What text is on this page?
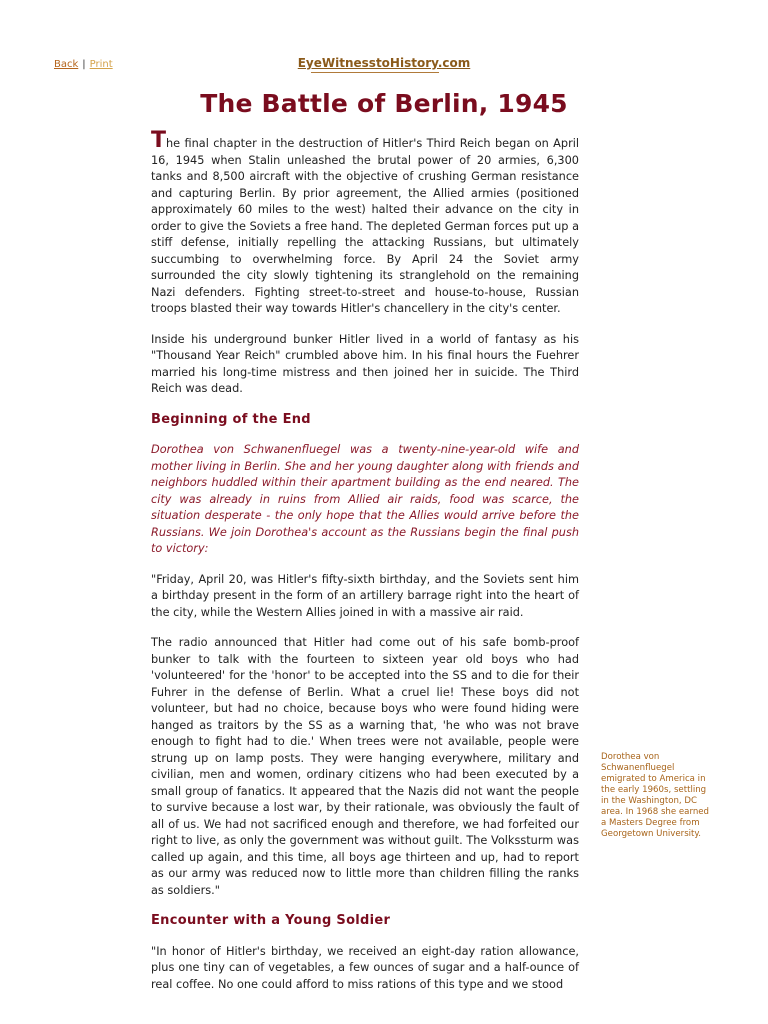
Back | Print	EyeWitnesstoHistory.com
The Battle of Berlin, 1945

The final chapter in the destruction of Hitler's Third Reich began on April 16, 1945 when Stalin unleashed the brutal power of 20 armies, 6,300 tanks and 8,500 aircraft with the objective of crushing German resistance and capturing Berlin. By prior agreement, the Allied armies (positioned approximately 60 miles to the west) halted their advance on the city in order to give the Soviets a free hand. The depleted German forces put up a stiff defense, initially repelling the attacking Russians, but ultimately succumbing to overwhelming force. By April 24 the Soviet army surrounded the city slowly tightening its stranglehold on the remaining Nazi defenders. Fighting street-to-street and house-to-house, Russian troops blasted their way towards Hitler's chancellery in the city's center.

Inside his underground bunker Hitler lived in a world of fantasy as his "Thousand Year Reich" crumbled above him. In his final hours the Fuehrer married his long-time mistress and then joined her in suicide. The Third Reich was dead.

Beginning of the End

Dorothea von Schwanenfluegel was a twenty-nine-year-old wife and mother living in Berlin. She and her young daughter along with friends and neighbors huddled within their apartment building as the end neared. The city was already in ruins from Allied air raids, food was scarce, the situation desperate - the only hope that the Allies would arrive before the Russians. We join Dorothea's account as the Russians begin the final push to victory:

"Friday, April 20, was Hitler's fifty-sixth birthday, and the Soviets sent him a birthday present in the form of an artillery barrage right into the heart of the city, while the Western Allies joined in with a massive air raid.

The radio announced that Hitler had come out of his safe bomb-proof bunker to talk with the fourteen to sixteen year old boys who had 'volunteered' for the 'honor' to be accepted into the SS and to die for their Fuhrer in the defense of Berlin. What a cruel lie! These boys did not volunteer, but had no choice, because boys who were found hiding were hanged as traitors by the SS as a warning that, 'he who was not brave enough to fight had to die.' When trees were not available, people were strung up on lamp posts. They were hanging everywhere, military and civilian, men and women, ordinary citizens who had been executed by a small group of fanatics. It appeared that the Nazis did not want the people to survive because a lost war, by their rationale, was obviously the fault of all of us. We had not sacrificed enough and therefore, we had forfeited our right to live, as only the government was without guilt. The Volkssturm was called up again, and this time, all boys age thirteen and up, had to report as our army was reduced now to little more than children filling the ranks as soldiers."

Encounter with a Young Soldier

"In honor of Hitler's birthday, we received an eight-day ration allowance, plus one tiny can of vegetables, a few ounces of sugar and a half-ounce of real coffee. No one could afford to miss rations of this type and we stood

Dorothea von Schwanenfluegel emigrated to America in the early 1960s, settling in the Washington, DC area. In 1968 she earned a Masters Degree from Georgetown University.
